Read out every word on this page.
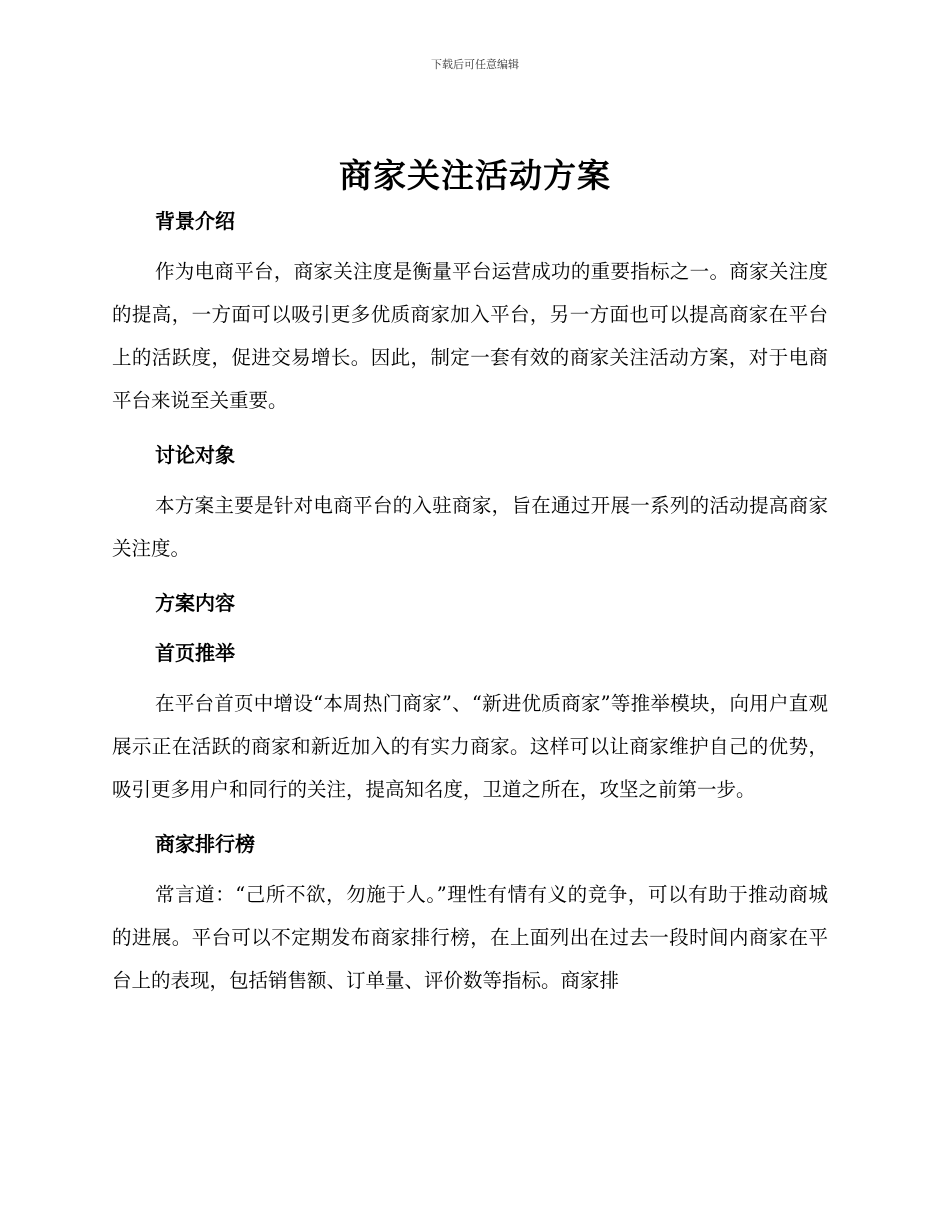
下载后可任意编辑
商家关注活动方案
背景介绍

作为电商平台，商家关注度是衡量平台运营成功的重要指标之一。商家关注度的提高，一方面可以吸引更多优质商家加入平台，另一方面也可以提高商家在平台上的活跃度，促进交易增长。因此，制定一套有效的商家关注活动方案，对于电商平台来说至关重要。

讨论对象

本方案主要是针对电商平台的入驻商家，旨在通过开展一系列的活动提高商家关注度。

方案内容
首页推举

在平台首页中增设“本周热门商家”、“新进优质商家”等推举模块，向用户直观展示正在活跃的商家和新近加入的有实力商家。这样可以让商家维护自己的优势，吸引更多用户和同行的关注，提高知名度，卫道之所在，攻坚之前第一步。

商家排行榜

常言道：“己所不欲，勿施于人。”理性有情有义的竞争，可以有助于推动商城的进展。平台可以不定期发布商家排行榜，在上面列出在过去一段时间内商家在平台上的表现，包括销售额、订单量、评价数等指标。商家排
